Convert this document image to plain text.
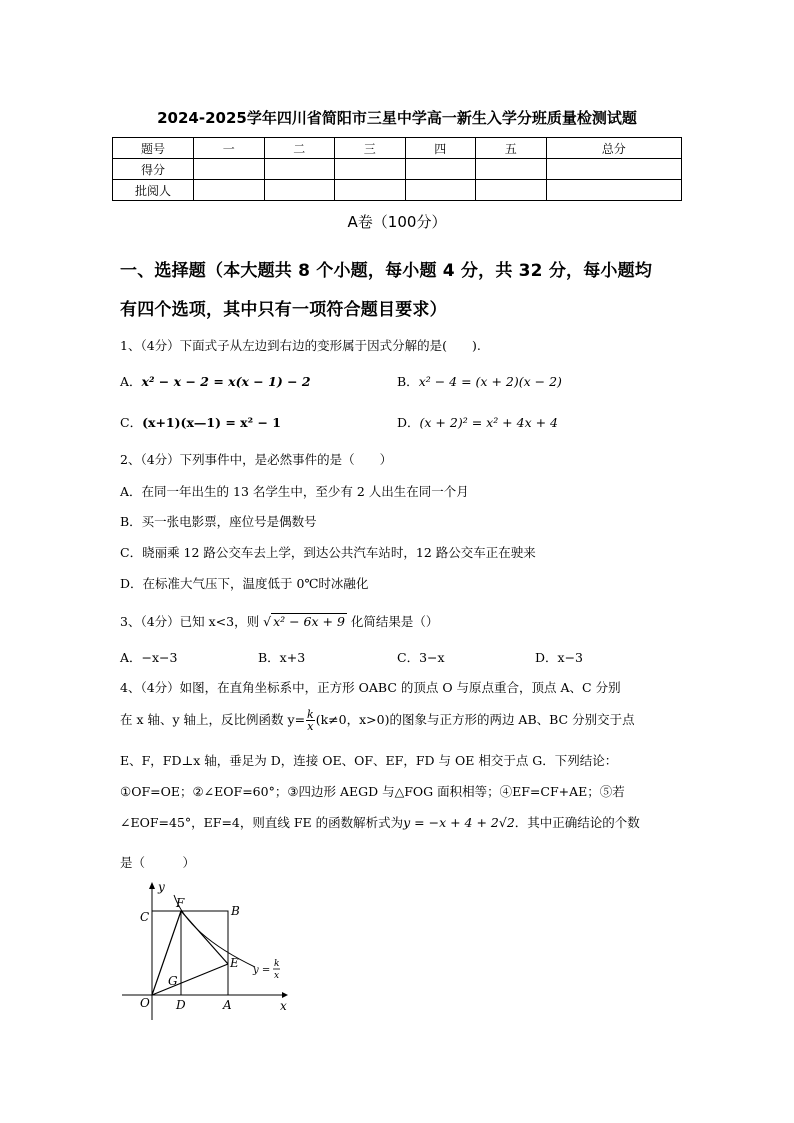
2024-2025学年四川省简阳市三星中学高一新生入学分班质量检测试题
题号	一	二	三	四	五	总分
得分						
批阅人						
A卷（100分）
一、选择题（本大题共 8 个小题，每小题 4 分，共 32 分，每小题均
有四个选项，其中只有一项符合题目要求）
1、（4分）下面式子从左边到右边的变形属于因式分解的是(　　).
A．x² − x − 2 = x(x − 1) − 2	B．x² − 4 = (x + 2)(x − 2)
C．(x+1)(x—1) = x² − 1	D．(x + 2)² = x² + 4x + 4
2、（4分）下列事件中，是必然事件的是（　　）
A．在同一年出生的 13 名学生中，至少有 2 人出生在同一个月
B．买一张电影票，座位号是偶数号
C．晓丽乘 12 路公交车去上学，到达公共汽车站时，12 路公交车正在驶来
D．在标准大气压下，温度低于 0℃时冰融化
3、（4分）已知 x<3，则 √ x² − 6x + 9 化简结果是（）
A．−x−3	B．x+3	C．3−x	D．x−3
4、（4分）如图，在直角坐标系中，正方形 OABC 的顶点 O 与原点重合，顶点 A、C 分别
在 x 轴、y 轴上，反比例函数 $y= \frac{k}{x} (k\ne 0$，x>0)的图象与正方形的两边 AB、BC 分别交于点
E、F，FD⊥x 轴，垂足为 D，连接 OE、OF、EF，FD 与 OE 相交于点 G．下列结论：
①OF=OE；②∠EOF=60°；③四边形 AEGD 与△FOG 面积相等；④EF=CF+AE；⑤若
∠EOF=45°，EF=4，则直线 FE 的函数解析式为y = −x + 4 + 2√2．其中正确结论的个数
是（　　　）
y
x
C
F
B
E
G
O D	A
y =
k
x
